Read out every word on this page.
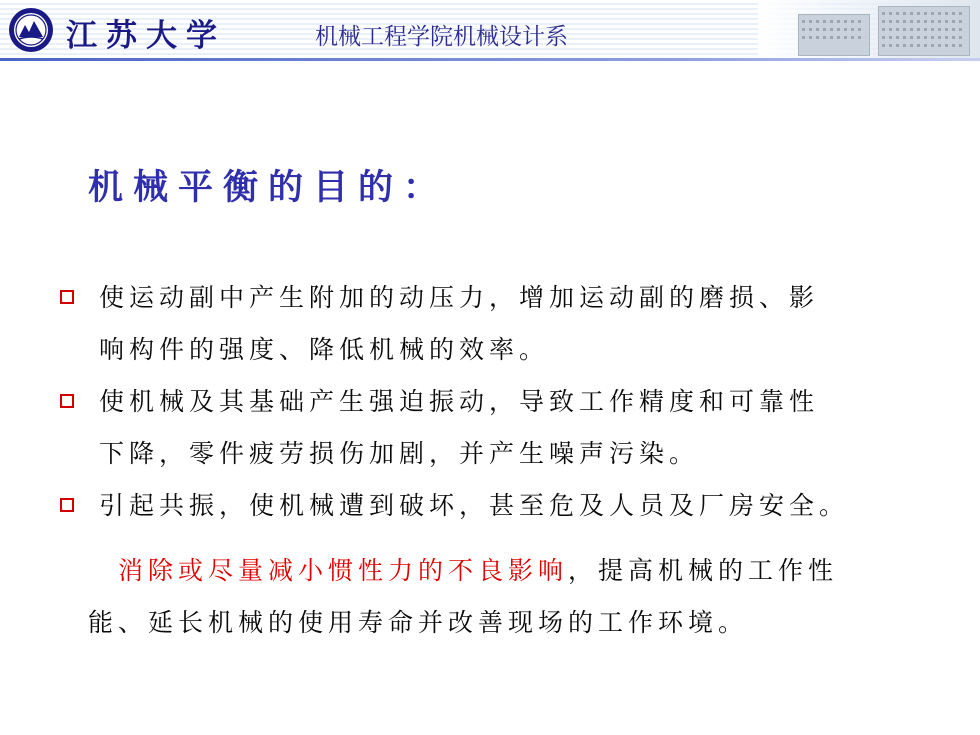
江苏大学	机械工程学院机械设计系
机械平衡的目的：
使运动副中产生附加的动压力，增加运动副的磨损、影
响构件的强度、降低机械的效率。
使机械及其基础产生强迫振动，导致工作精度和可靠性
下降，零件疲劳损伤加剧，并产生噪声污染。
引起共振，使机械遭到破坏，甚至危及人员及厂房安全。
消除或尽量减小惯性力的不良影响，提高机械的工作性
能、延长机械的使用寿命并改善现场的工作环境。
